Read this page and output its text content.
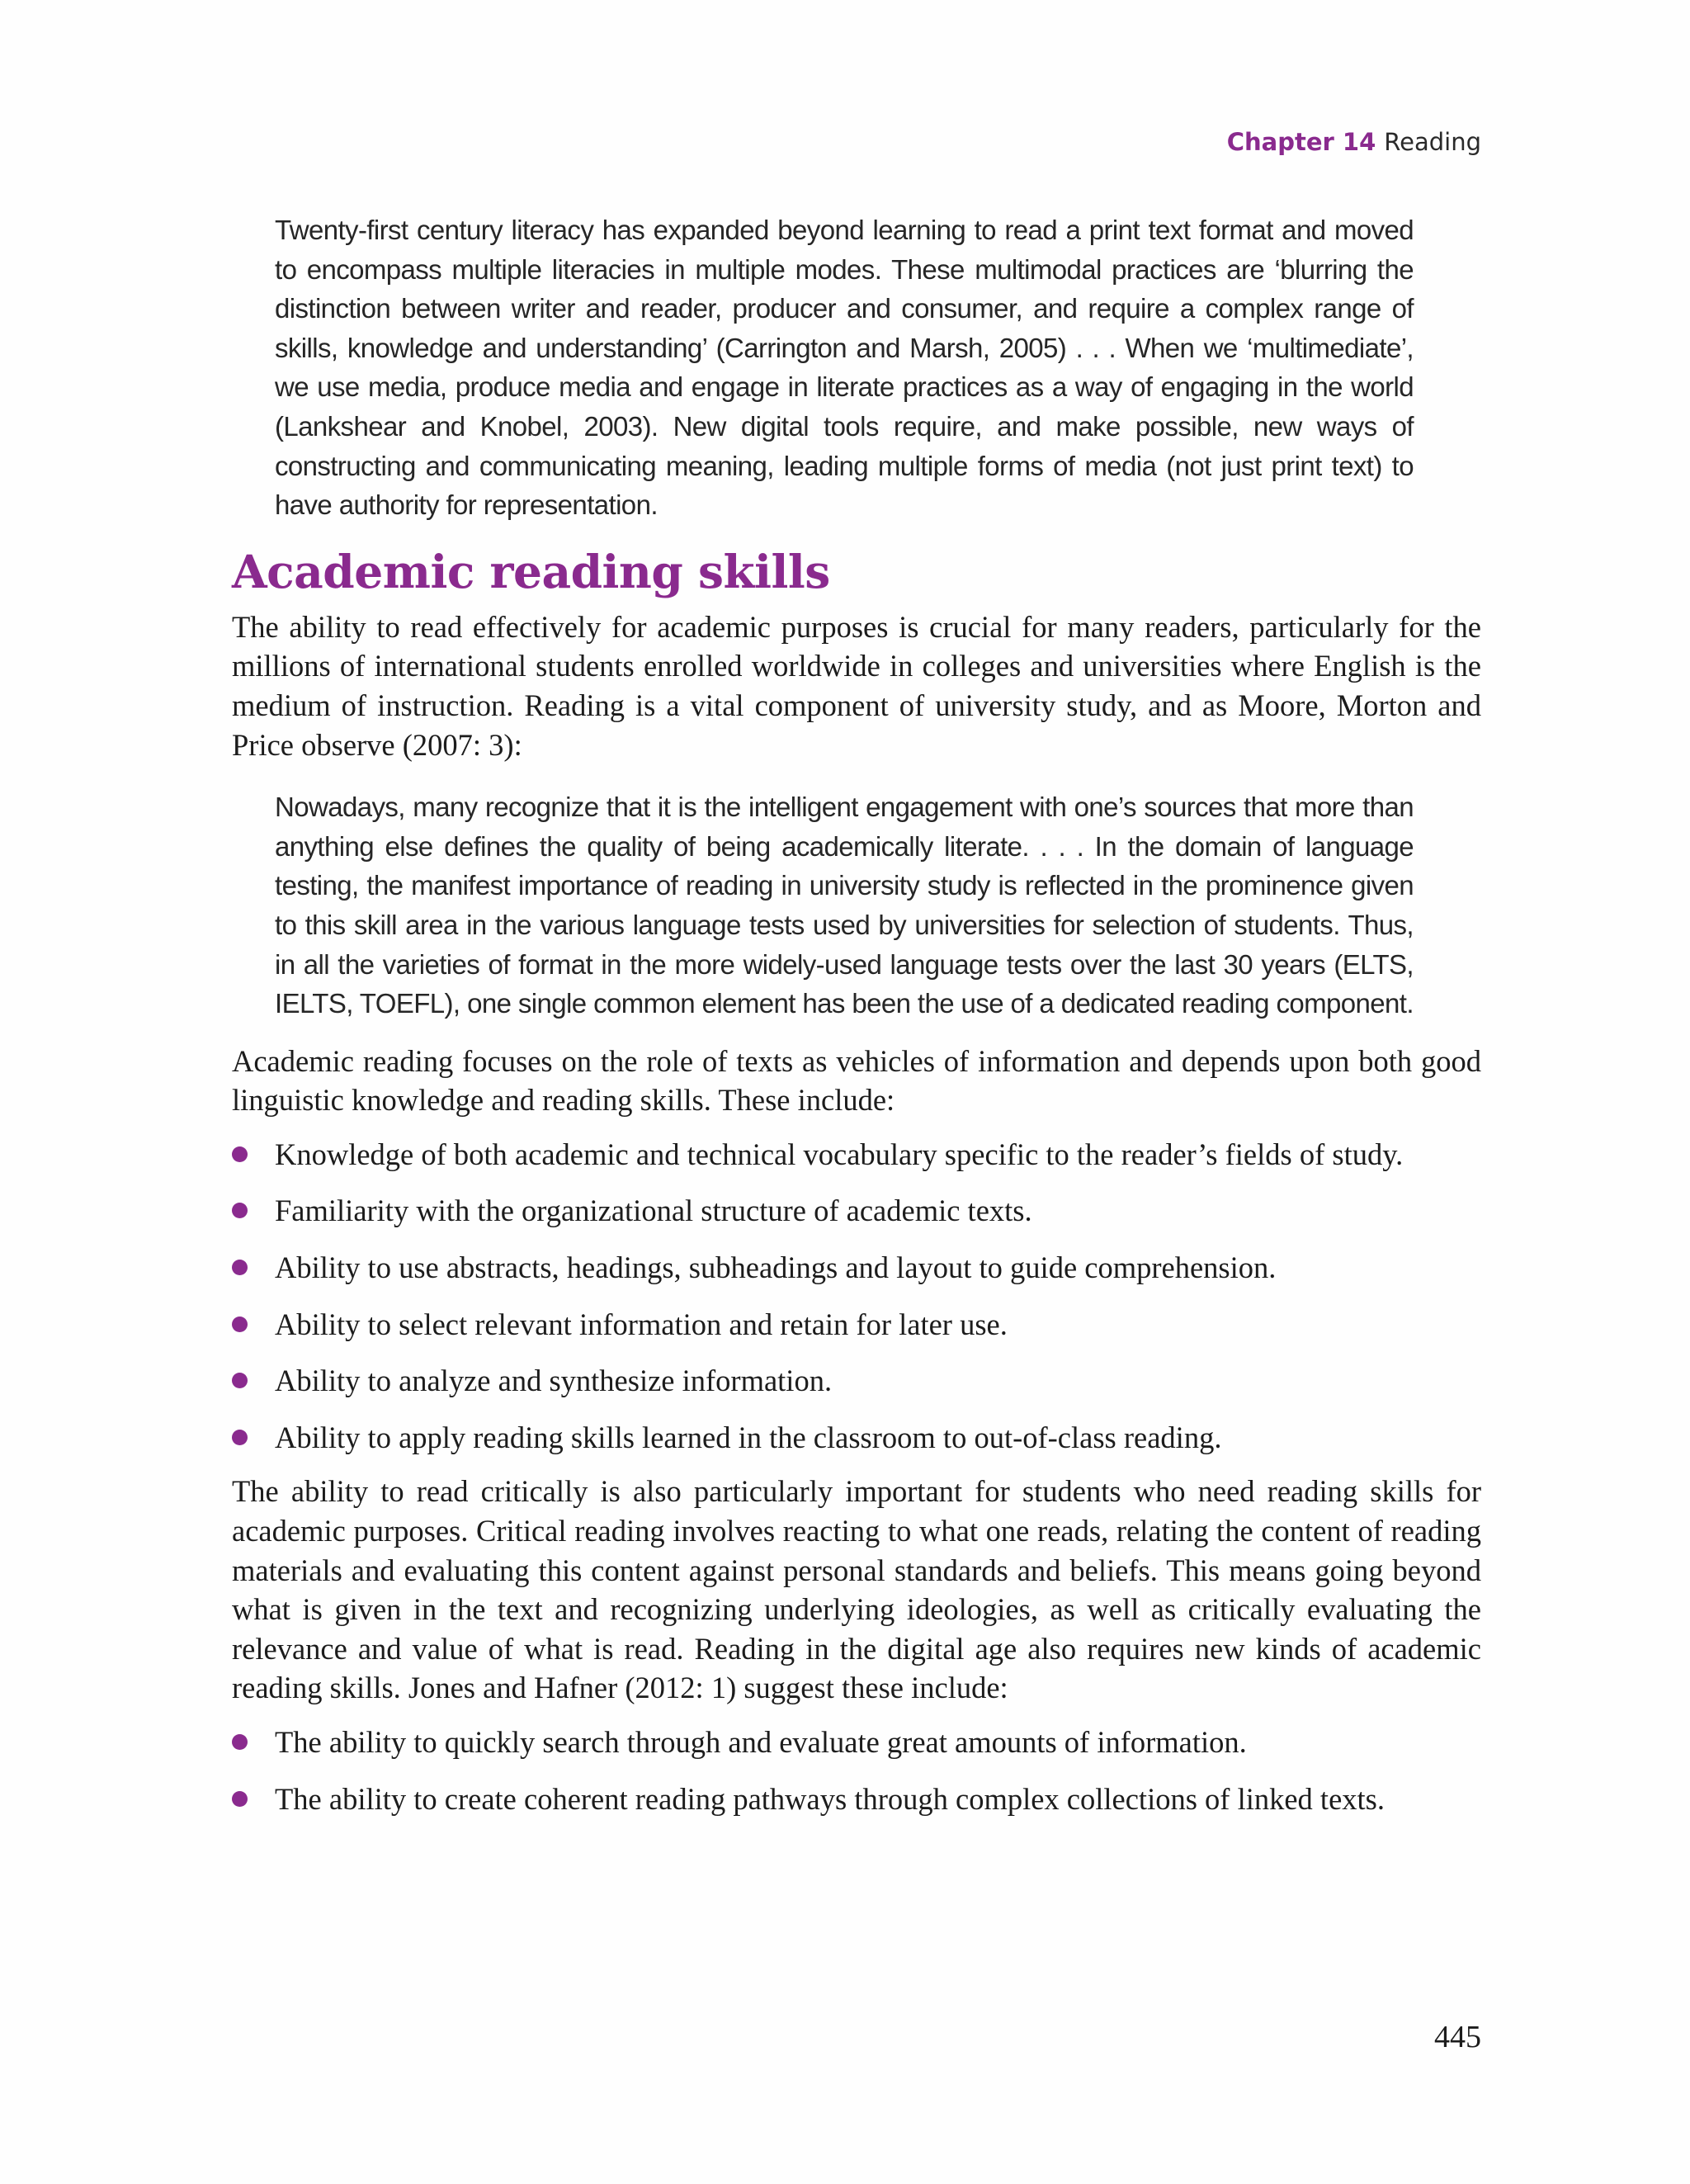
Chapter 14 Reading
Twenty-first century literacy has expanded beyond learning to read a print text format and moved to encompass multiple literacies in multiple modes. These multimodal practices are ‘blurring the distinction between writer and reader, producer and consumer, and require a complex range of skills, knowledge and understanding’ (Carrington and Marsh, 2005) . . . When we ‘multimediate’, we use media, produce media and engage in literate practices as a way of engaging in the world (Lankshear and Knobel, 2003). New digital tools require, and make possible, new ways of constructing and communicating meaning, leading multiple forms of media (not just print text) to have authority for representation.
Academic reading skills

The ability to read effectively for academic purposes is crucial for many readers, particularly for the millions of international students enrolled worldwide in colleges and universities where English is the medium of instruction. Reading is a vital component of university study, and as Moore, Morton and Price observe (2007: 3):

Nowadays, many recognize that it is the intelligent engagement with one’s sources that more than anything else defines the quality of being academically literate. . . . In the domain of language testing, the manifest importance of reading in university study is reflected in the prominence given to this skill area in the various language tests used by universities for selection of students. Thus, in all the varieties of format in the more widely-used language tests over the last 30 years (ELTS, IELTS, TOEFL), one single common element has been the use of a dedicated reading component.

Academic reading focuses on the role of texts as vehicles of information and depends upon both good linguistic knowledge and reading skills. These include:

Knowledge of both academic and technical vocabulary specific to the reader’s fields of study.
Familiarity with the organizational structure of academic texts.
Ability to use abstracts, headings, subheadings and layout to guide comprehension.
Ability to select relevant information and retain for later use.
Ability to analyze and synthesize information.
Ability to apply reading skills learned in the classroom to out-of-class reading.

The ability to read critically is also particularly important for students who need reading skills for academic purposes. Critical reading involves reacting to what one reads, relating the content of reading materials and evaluating this content against personal standards and beliefs. This means going beyond what is given in the text and recognizing underlying ideologies, as well as critically evaluating the relevance and value of what is read. Reading in the digital age also requires new kinds of academic reading skills. Jones and Hafner (2012: 1) suggest these include:

The ability to quickly search through and evaluate great amounts of information.
The ability to create coherent reading pathways through complex collections of linked texts.
445
